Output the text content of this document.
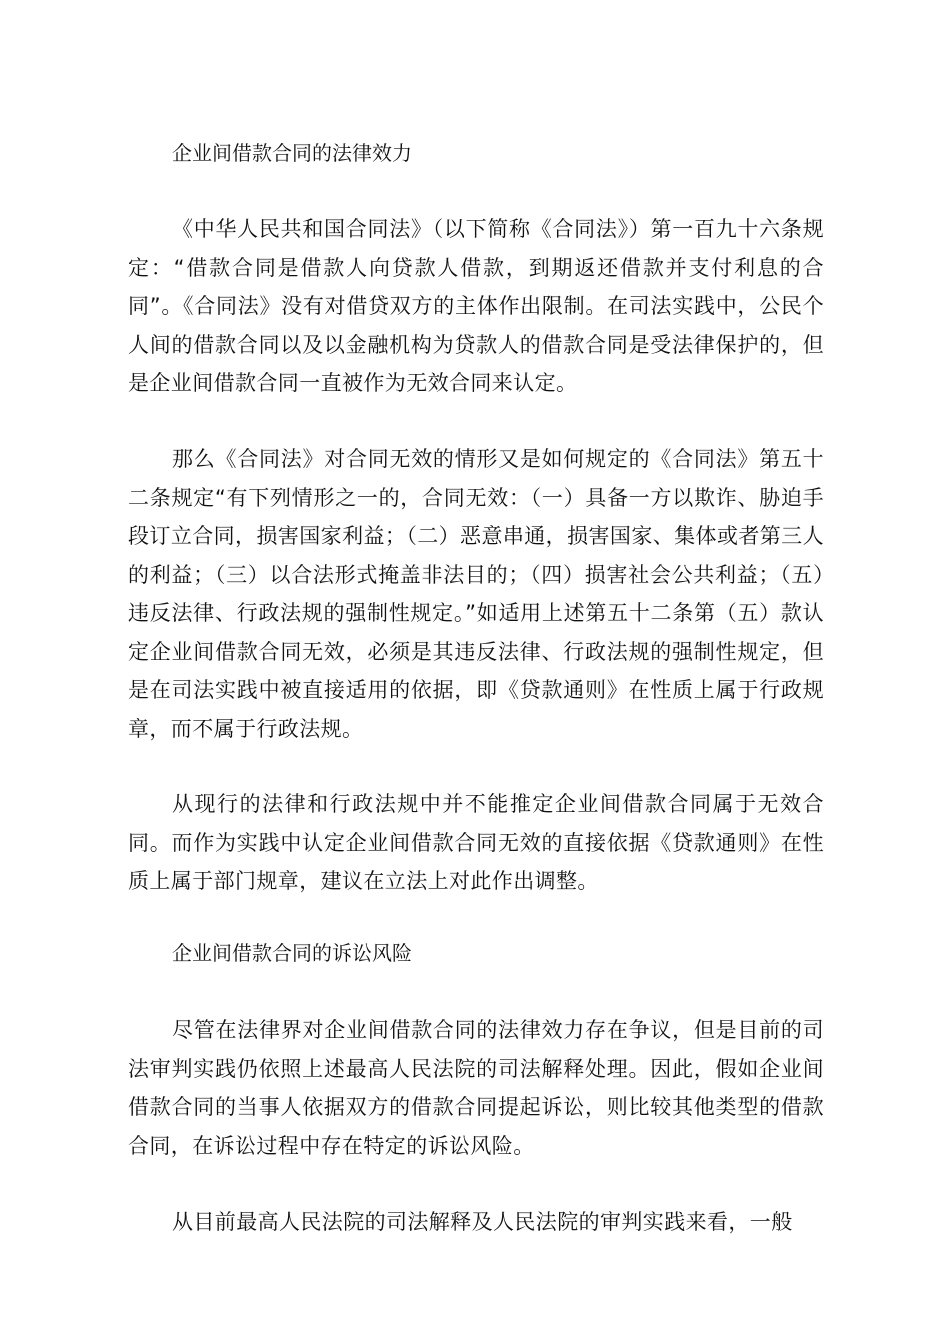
企业间借款合同的法律效力

《中华人民共和国合同法》（以下简称《合同法》）第一百九十六条规定：“借款合同是借款人向贷款人借款，到期返还借款并支付利息的合同”。《合同法》没有对借贷双方的主体作出限制。在司法实践中，公民个人间的借款合同以及以金融机构为贷款人的借款合同是受法律保护的，但是企业间借款合同一直被作为无效合同来认定。

那么《合同法》对合同无效的情形又是如何规定的《合同法》第五十二条规定“有下列情形之一的，合同无效：（一）具备一方以欺诈、胁迫手段订立合同，损害国家利益；（二）恶意串通，损害国家、集体或者第三人的利益；（三）以合法形式掩盖非法目的；（四）损害社会公共利益；（五）违反法律、行政法规的强制性规定。”如适用上述第五十二条第（五）款认定企业间借款合同无效，必须是其违反法律、行政法规的强制性规定，但是在司法实践中被直接适用的依据，即《贷款通则》在性质上属于行政规章，而不属于行政法规。

从现行的法律和行政法规中并不能推定企业间借款合同属于无效合同。而作为实践中认定企业间借款合同无效的直接依据《贷款通则》在性质上属于部门规章，建议在立法上对此作出调整。

企业间借款合同的诉讼风险

尽管在法律界对企业间借款合同的法律效力存在争议，但是目前的司法审判实践仍依照上述最高人民法院的司法解释处理。因此，假如企业间借款合同的当事人依据双方的借款合同提起诉讼，则比较其他类型的借款合同，在诉讼过程中存在特定的诉讼风险。

从目前最高人民法院的司法解释及人民法院的审判实践来看，一般
